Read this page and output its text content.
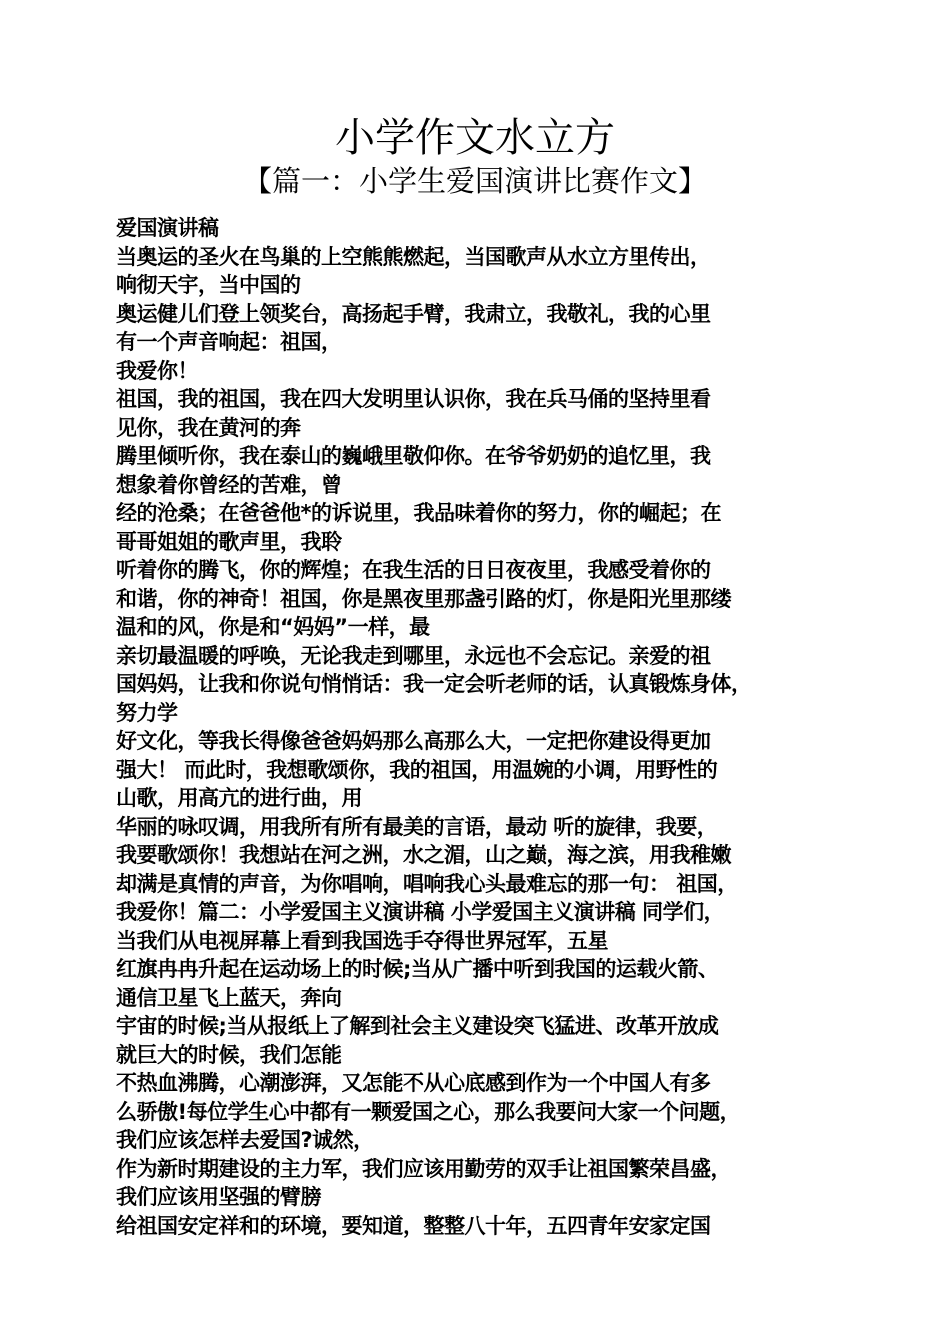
小学作文水立方
【篇一：小学生爱国演讲比赛作文】
爱国演讲稿
当奥运的圣火在鸟巢的上空熊熊燃起，当国歌声从水立方里传出，
响彻天宇，当中国的
奥运健儿们登上领奖台，高扬起手臂，我肃立，我敬礼，我的心里
有一个声音响起：祖国，
我爱你！
祖国，我的祖国，我在四大发明里认识你，我在兵马俑的坚持里看
见你，我在黄河的奔
腾里倾听你，我在泰山的巍峨里敬仰你。在爷爷奶奶的追忆里，我
想象着你曾经的苦难，曾
经的沧桑；在爸爸他*的诉说里，我品味着你的努力，你的崛起；在
哥哥姐姐的歌声里，我聆
听着你的腾飞，你的辉煌；在我生活的日日夜夜里，我感受着你的
和谐，你的神奇！祖国，你是黑夜里那盏引路的灯，你是阳光里那缕
温和的风，你是和“妈妈”一样，最
亲切最温暖的呼唤，无论我走到哪里，永远也不会忘记。亲爱的祖
国妈妈，让我和你说句悄悄话：我一定会听老师的话，认真锻炼身体，
努力学
好文化，等我长得像爸爸妈妈那么高那么大，一定把你建设得更加
强大！ 而此时，我想歌颂你，我的祖国，用温婉的小调，用野性的
山歌，用高亢的进行曲，用
华丽的咏叹调，用我所有所有最美的言语，最动 听的旋律，我要，
我要歌颂你！我想站在河之洲，水之湄，山之巅，海之滨，用我稚嫩
却满是真情的声音，为你唱响，唱响我心头最难忘的那一句： 祖国，
我爱你！篇二：小学爱国主义演讲稿 小学爱国主义演讲稿 同学们，
当我们从电视屏幕上看到我国选手夺得世界冠军，五星
红旗冉冉升起在运动场上的时候;当从广播中听到我国的运载火箭、
通信卫星飞上蓝天，奔向
宇宙的时候;当从报纸上了解到社会主义建设突飞猛进、改革开放成
就巨大的时候，我们怎能
不热血沸腾，心潮澎湃，又怎能不从心底感到作为一个中国人有多
么骄傲!每位学生心中都有一颗爱国之心，那么我要问大家一个问题，
我们应该怎样去爱国?诚然，
作为新时期建设的主力军，我们应该用勤劳的双手让祖国繁荣昌盛，
我们应该用坚强的臂膀
给祖国安定祥和的环境，要知道，整整八十年，五四青年安家定国
